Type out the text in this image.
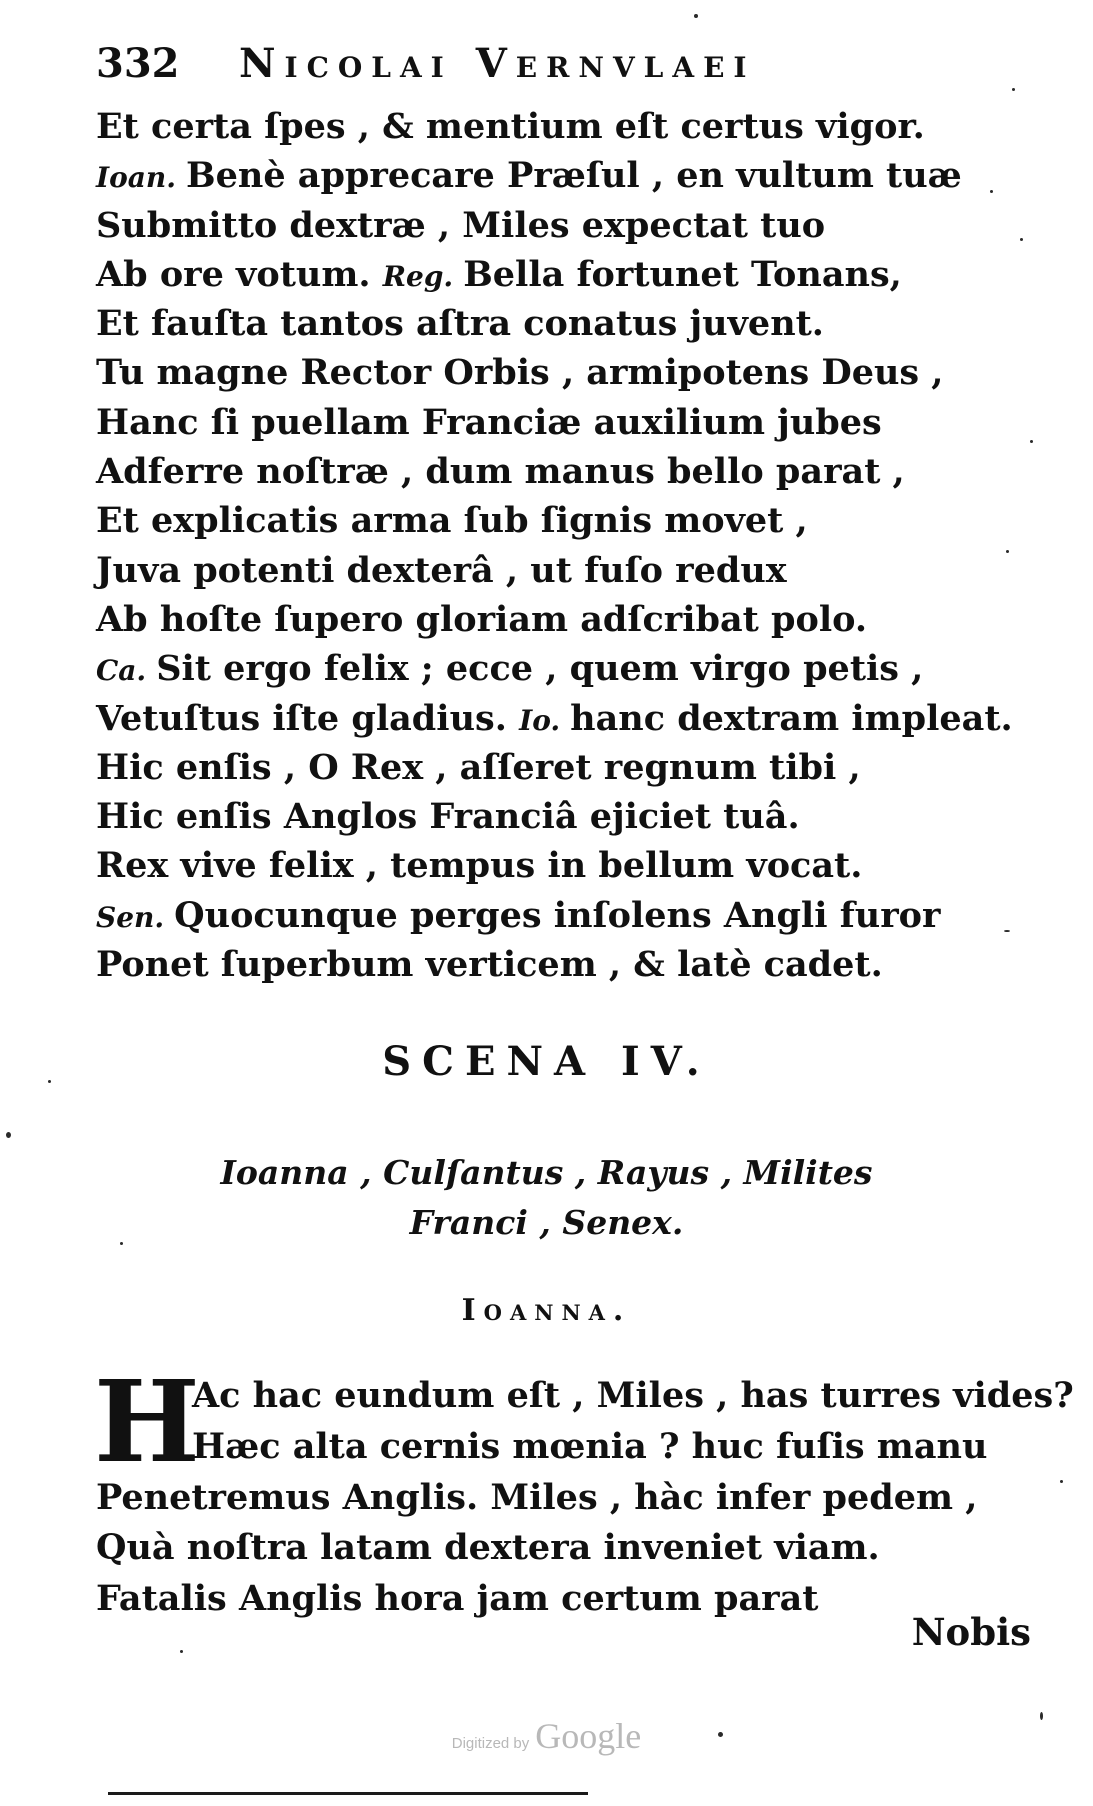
332 Nicolai Vernvlaei
Et certa ſpes , & mentium eſt certus vigor.
Ioan. Benè apprecare Præſul , en vultum tuæ
Submitto dextræ , Miles expectat tuo
Ab ore votum. Reg. Bella fortunet Tonans,
Et fauſta tantos aſtra conatus juvent.
Tu magne Rector Orbis , armipotens Deus ,
Hanc ſi puellam Franciæ auxilium jubes
Adferre noſtræ , dum manus bello parat ,
Et explicatis arma ſub ſignis movet ,
Juva potenti dexterâ , ut fuſo redux
Ab hoſte ſupero gloriam adſcribat polo.
Ca. Sit ergo felix ; ecce , quem virgo petis ,
Vetuſtus iſte gladius. Io. hanc dextram impleat.
Hic enſis , O Rex , aſſeret regnum tibi ,
Hic enſis Anglos Franciâ ejiciet tuâ.
Rex vive felix , tempus in bellum vocat.
Sen. Quocunque perges inſolens Angli furor
Ponet ſuperbum verticem , & latè cadet.
SCENA IV.
Ioanna , Culſantus , Rayus , Milites
Franci , Senex.
Ioanna.
H
Ac hac eundum eſt , Miles , has turres vides?
Hæc alta cernis mœnia ? huc fuſis manu
Penetremus Anglis. Miles , hàc infer pedem ,
Quà noſtra latam dextera inveniet viam.
Fatalis Anglis hora jam certum parat
Nobis
Digitized by Google
